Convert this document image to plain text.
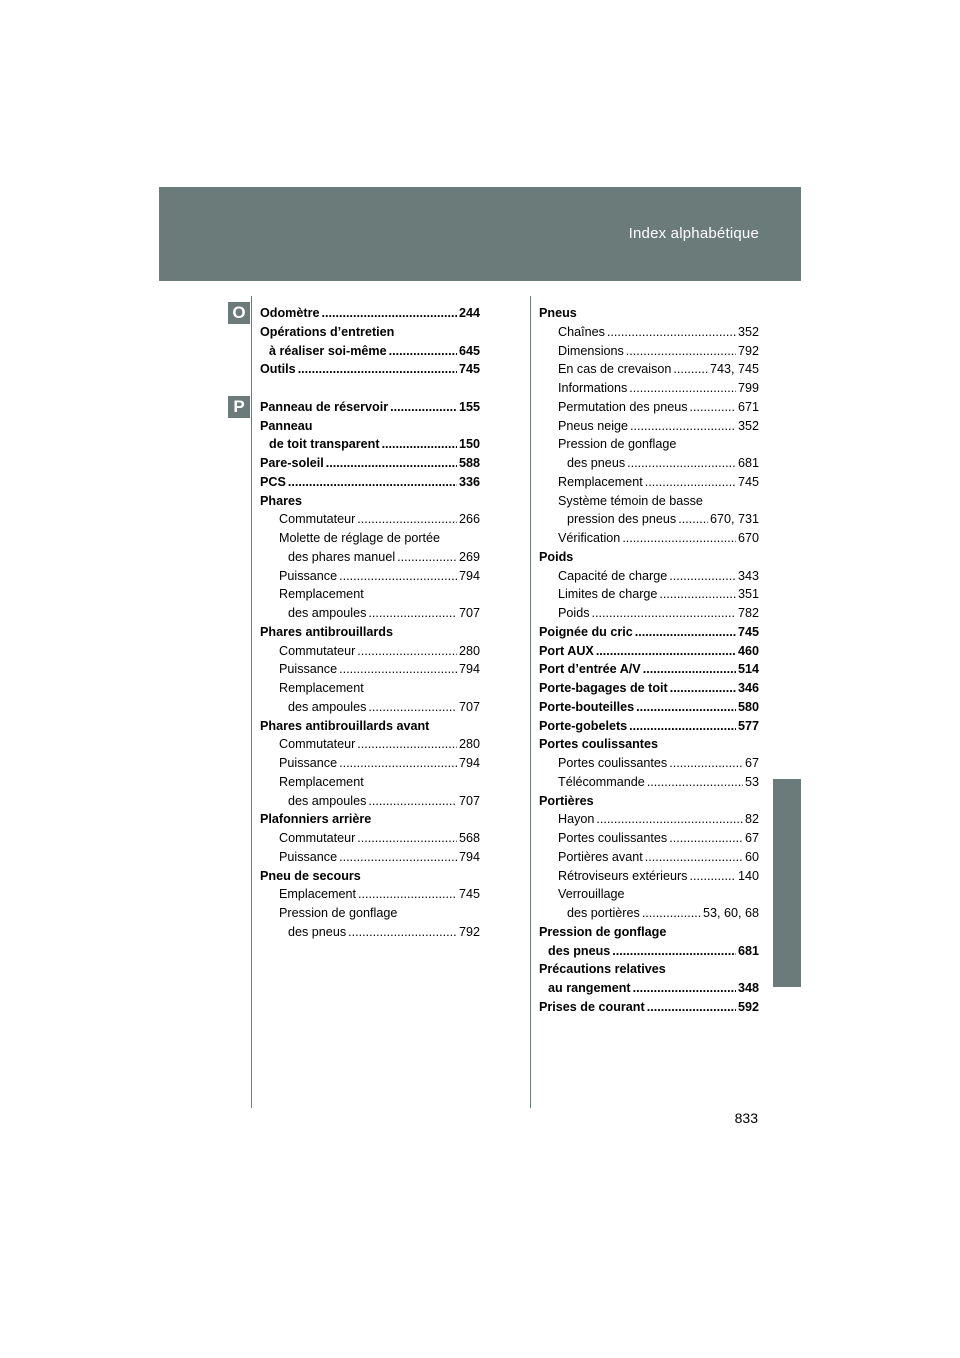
Index alphabétique
O
P
Odomètre .....	244
Opérations d’entretien
à réaliser soi-même .....	645
Outils .....	745
Panneau de réservoir .....	155
Panneau
de toit transparent .....	150
Pare-soleil .....	588
PCS .....	336
Phares
Commutateur .....	266
Molette de réglage de portée
des phares manuel .....	269
Puissance .....	794
Remplacement
des ampoules .....	707
Phares antibrouillards
Commutateur .....	280
Puissance .....	794
Remplacement
des ampoules .....	707
Phares antibrouillards avant
Commutateur .....	280
Puissance .....	794
Remplacement
des ampoules .....	707
Plafonniers arrière
Commutateur .....	568
Puissance .....	794
Pneu de secours
Emplacement .....	745
Pression de gonflage
des pneus .....	792
Pneus
Chaînes .....	352
Dimensions .....	792
En cas de crevaison .....	743, 745
Informations .....	799
Permutation des pneus .....	671
Pneus neige .....	352
Pression de gonflage
des pneus .....	681
Remplacement .....	745
Système témoin de basse
pression des pneus .....	670, 731
Vérification .....	670
Poids
Capacité de charge .....	343
Limites de charge .....	351
Poids .....	782
Poignée du cric .....	745
Port AUX .....	460
Port d’entrée A/V .....	514
Porte-bagages de toit .....	346
Porte-bouteilles .....	580
Porte-gobelets .....	577
Portes coulissantes
Portes coulissantes .....	67
Télécommande .....	53
Portières
Hayon .....	82
Portes coulissantes .....	67
Portières avant .....	60
Rétroviseurs extérieurs .....	140
Verrouillage
des portières .....	53, 60, 68
Pression de gonflage
des pneus .....	681
Précautions relatives
au rangement .....	348
Prises de courant .....	592
833
